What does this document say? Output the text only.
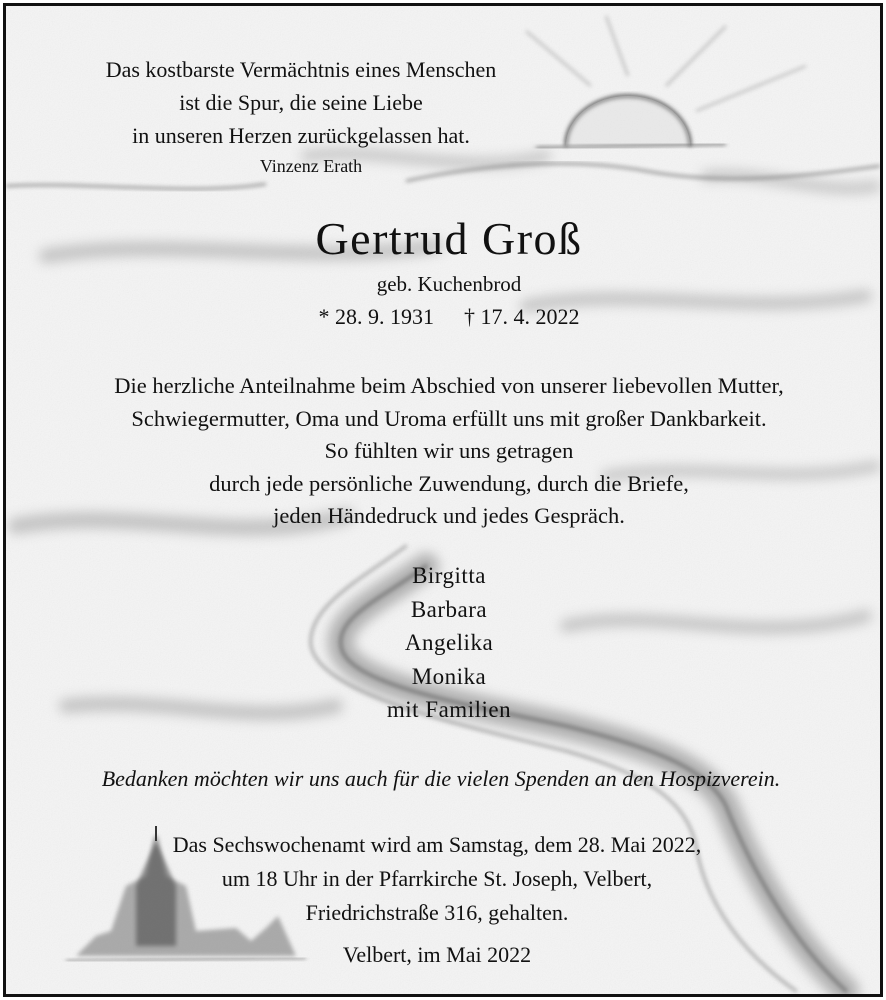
Das kostbarste Vermächtnis eines Menschen
ist die Spur, die seine Liebe
in unseren Herzen zurückgelassen hat.
Vinzenz Erath
Gertrud Groß
geb. Kuchenbrod
* 28. 9. 1931 † 17. 4. 2022
Die herzliche Anteilnahme beim Abschied von unserer liebevollen Mutter,
Schwiegermutter, Oma und Uroma erfüllt uns mit großer Dankbarkeit.
So fühlten wir uns getragen
durch jede persönliche Zuwendung, durch die Briefe,
jeden Händedruck und jedes Gespräch.
Birgitta
Barbara
Angelika
Monika
mit Familien
Bedanken möchten wir uns auch für die vielen Spenden an den Hospizverein.
Das Sechswochenamt wird am Samstag, dem 28. Mai 2022,
um 18 Uhr in der Pfarrkirche St. Joseph, Velbert,
Friedrichstraße 316, gehalten.
Velbert, im Mai 2022
